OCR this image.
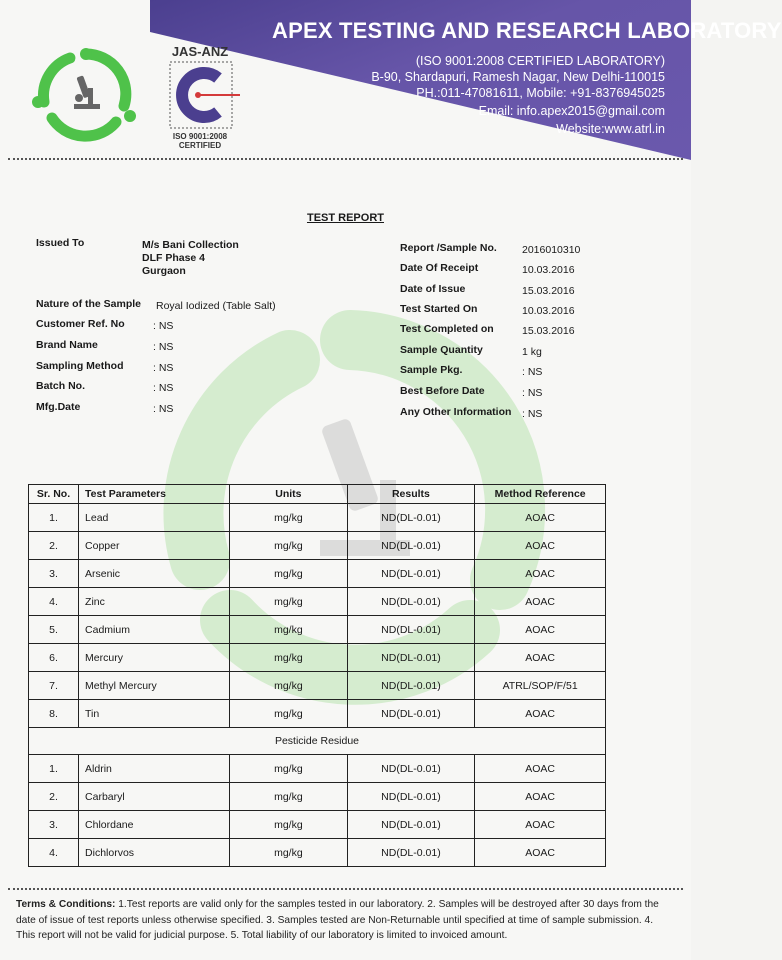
APEX TESTING AND RESEARCH LABORATORY
(ISO 9001:2008 CERTIFIED LABORATORY)
B-90, Shardapuri, Ramesh Nagar, New Delhi-110015
PH.:011-47081611, Mobile: +91-8376945025
Email: info.apex2015@gmail.com
Website:www.atrl.in
JAS-ANZ
ISO 9001:2008
CERTIFIED
TEST REPORT
Issued To	M/s Bani Collection
DLF Phase 4
Gurgaon
Nature of the Sample Royal Iodized (Table Salt)
Customer Ref. No	: NS
Brand Name	: NS
Sampling Method	: NS
Batch No.	: NS
Mfg.Date	: NS
Report /Sample No. 2016010310
Date Of Receipt	10.03.2016
Date of Issue	15.03.2016
Test Started On	10.03.2016
Test Completed on	15.03.2016
Sample Quantity	1 kg
Sample Pkg.	: NS
Best Before Date	: NS
Any Other Information : NS
Sr. No.	Test Parameters	Units	Results	Method Reference
1.	Lead	mg/kg	ND(DL-0.01)	AOAC
2.	Copper	mg/kg	ND(DL-0.01)	AOAC
3.	Arsenic	mg/kg	ND(DL-0.01)	AOAC
4.	Zinc	mg/kg	ND(DL-0.01)	AOAC
5.	Cadmium	mg/kg	ND(DL-0.01)	AOAC
6.	Mercury	mg/kg	ND(DL-0.01)	AOAC
7.	Methyl Mercury	mg/kg	ND(DL-0.01)	ATRL/SOP/F/51
8.	Tin	mg/kg	ND(DL-0.01)	AOAC
Pesticide Residue				
1.	Aldrin	mg/kg	ND(DL-0.01)	AOAC
2.	Carbaryl	mg/kg	ND(DL-0.01)	AOAC
3.	Chlordane	mg/kg	ND(DL-0.01)	AOAC
4.	Dichlorvos	mg/kg	ND(DL-0.01)	AOAC
Terms & Conditions: 1.Test reports are valid only for the samples tested in our laboratory. 2. Samples will be destroyed after 30 days from the date of issue of test reports unless otherwise specified. 3. Samples tested are Non-Returnable until specified at time of sample submission. 4. This report will not be valid for judicial purpose. 5. Total liability of our laboratory is limited to invoiced amount.
